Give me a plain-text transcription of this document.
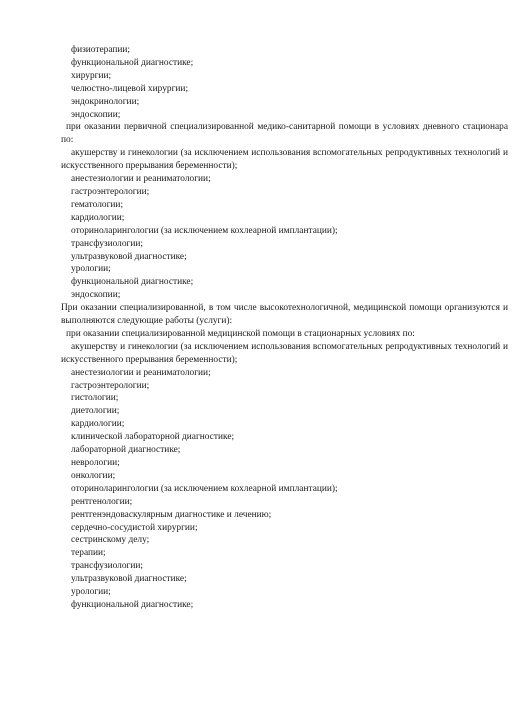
физиотерапии;

функциональной диагностике;

хирургии;

челюстно-лицевой хирургии;

эндокринологии;

эндоскопии;

при оказании первичной специализированной медико-санитарной помощи в условиях дневного стационара по:

акушерству и гинекологии (за исключением использования вспомогательных репродуктивных технологий и искусственного прерывания беременности);

анестезиологии и реаниматологии;

гастроэнтерологии;

гематологии;

кардиологии;

оториноларингологии (за исключением кохлеарной имплантации);

трансфузиологии;

ультразвуковой диагностике;

урологии;

функциональной диагностике;

эндоскопии;

При оказании специализированной, в том числе высокотехнологичной, медицинской помощи организуются и выполняются следующие работы (услуги):

при оказании специализированной медицинской помощи в стационарных условиях по:

акушерству и гинекологии (за исключением использования вспомогательных репродуктивных технологий и искусственного прерывания беременности);

анестезиологии и реаниматологии;

гастроэнтерологии;

гистологии;

диетологии;

кардиологии;

клинической лабораторной диагностике;

лабораторной диагностике;

неврологии;

онкологии;

оториноларингологии (за исключением кохлеарной имплантации);

рентгенологии;

рентгенэндоваскулярным диагностике и лечению;

сердечно-сосудистой хирургии;

сестринскому делу;

терапии;

трансфузиологии;

ультразвуковой диагностике;

урологии;

функциональной диагностике;
